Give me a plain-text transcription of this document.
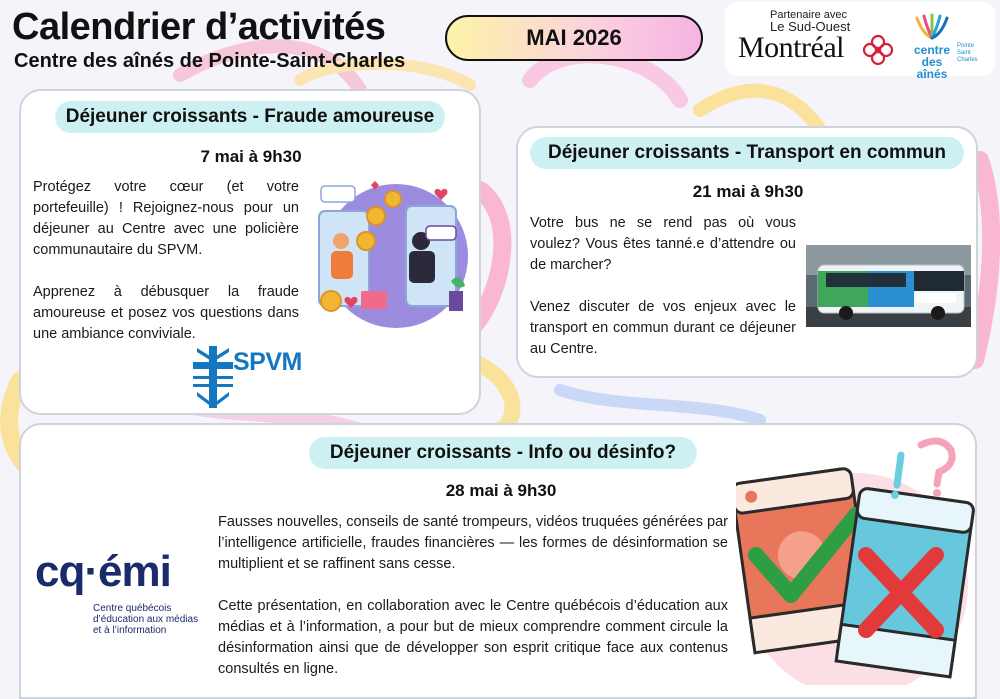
Calendrier d’activités
Centre des aînés de Pointe-Saint-Charles
MAI 2026
Partenaire avec
Le Sud-Ouest
Montréal	centre
des aînés
Pointe
Saint
Charles
Déjeuner croissants - Fraude amoureuse
7 mai à 9h30

Protégez votre cœur (et votre portefeuille) ! Rejoignez-nous pour un déjeuner au Centre avec une policière communautaire du SPVM.

Apprenez à débusquer la fraude amoureuse et posez vos questions dans une ambiance conviviale.

SPVM
Déjeuner croissants - Transport en commun
21 mai à 9h30

Votre bus ne se rend pas où vous voulez? Vous êtes tanné.e d’attendre ou de marcher?

Venez discuter de vos enjeux avec le transport en commun durant ce déjeuner au Centre.

Déjeuner croissants - Info ou désinfo?
28 mai à 9h30

Fausses nouvelles, conseils de santé trompeurs, vidéos truquées générées par l’intelligence artificielle, fraudes financières — les formes de désinformation se multiplient et se raffinent sans cesse.

Cette présentation, en collaboration avec le Centre québécois d’éducation aux médias et à l’information, a pour but de mieux comprendre comment circule la désinformation ainsi que de développer son esprit critique face aux contenus consultés en ligne.

cq·émi
Centre québécois
d’éducation aux médias
et à l’information
